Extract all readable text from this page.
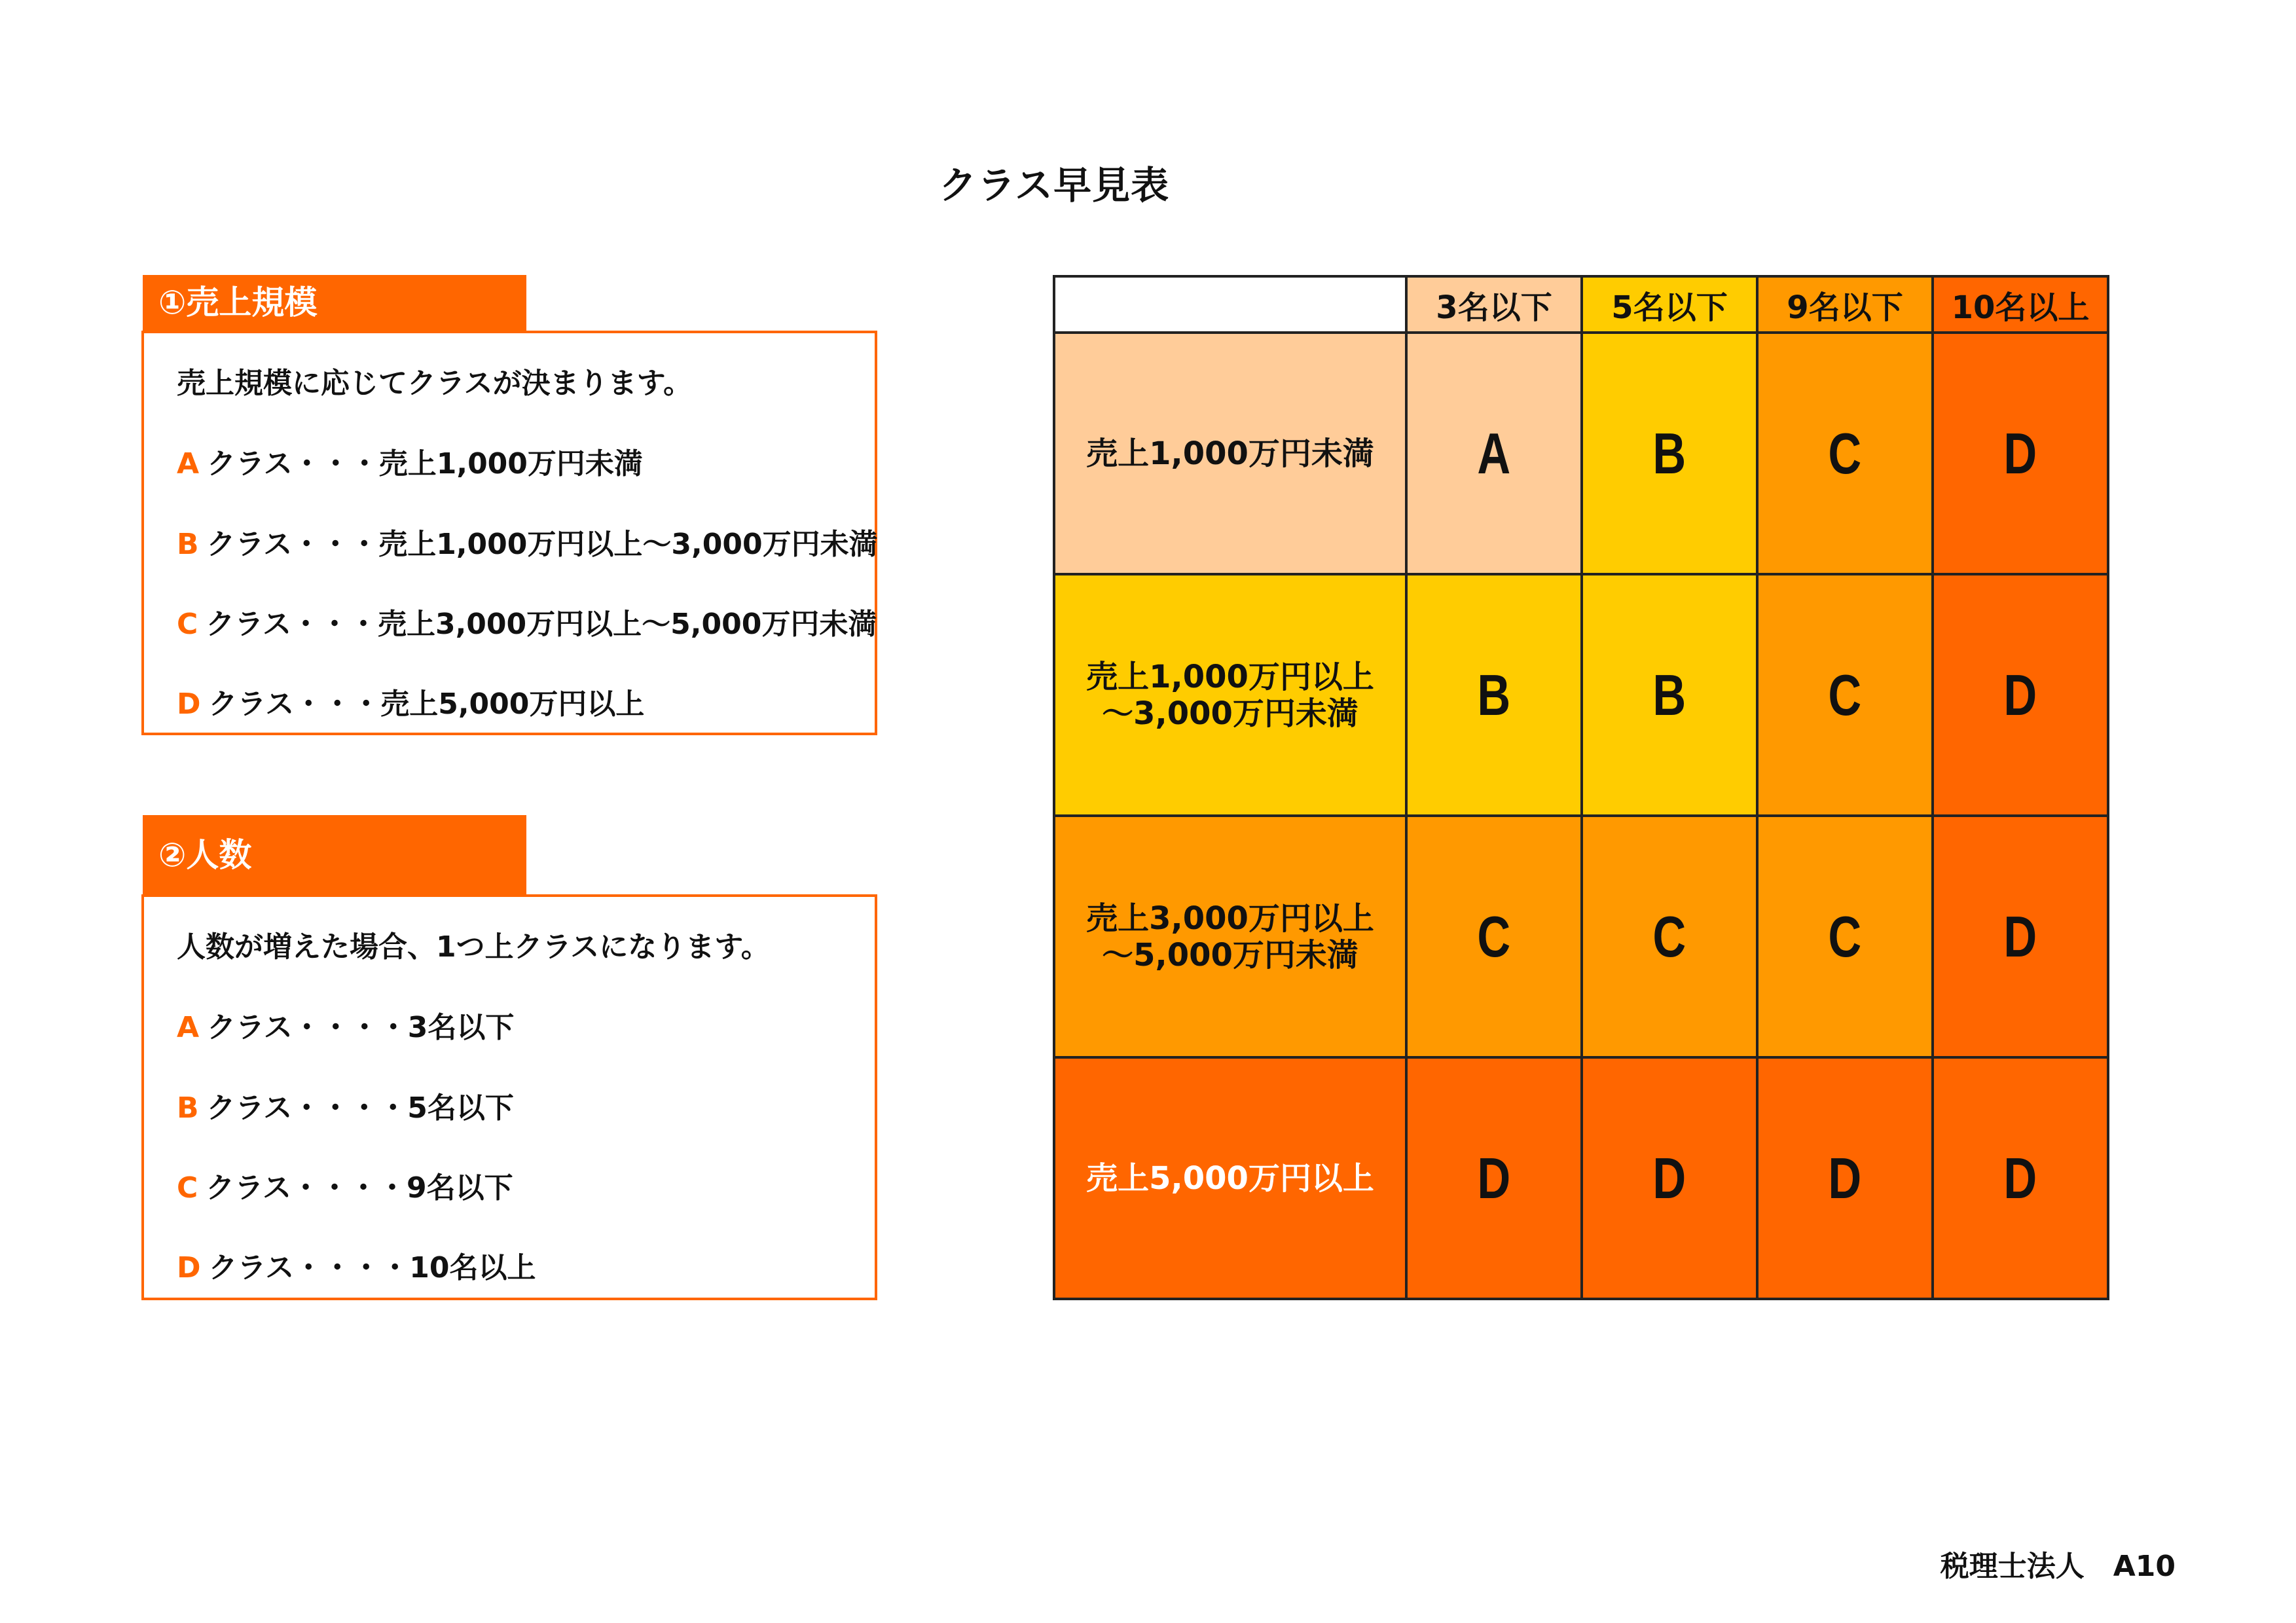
クラス早見表
①売上規模
売上規模に応じてクラスが決まります。
A クラス・・・売上1,000万円未満
B クラス・・・売上1,000万円以上〜3,000万円未満
C クラス・・・売上3,000万円以上〜5,000万円未満
D クラス・・・売上5,000万円以上
②人数
人数が増えた場合、1つ上クラスになります。
A クラス・・・・3名以下
B クラス・・・・5名以下
C クラス・・・・9名以下
D クラス・・・・10名以上
	3名以下	5名以下	9名以下	10名以上
売上1,000万円未満	A	B	C	D
売上1,000万円以上
〜3,000万円未満	B	B	C	D
売上3,000万円以上
〜5,000万円未満	C	C	C	D
売上5,000万円以上	D	D	D	D
税理士法人　A10
